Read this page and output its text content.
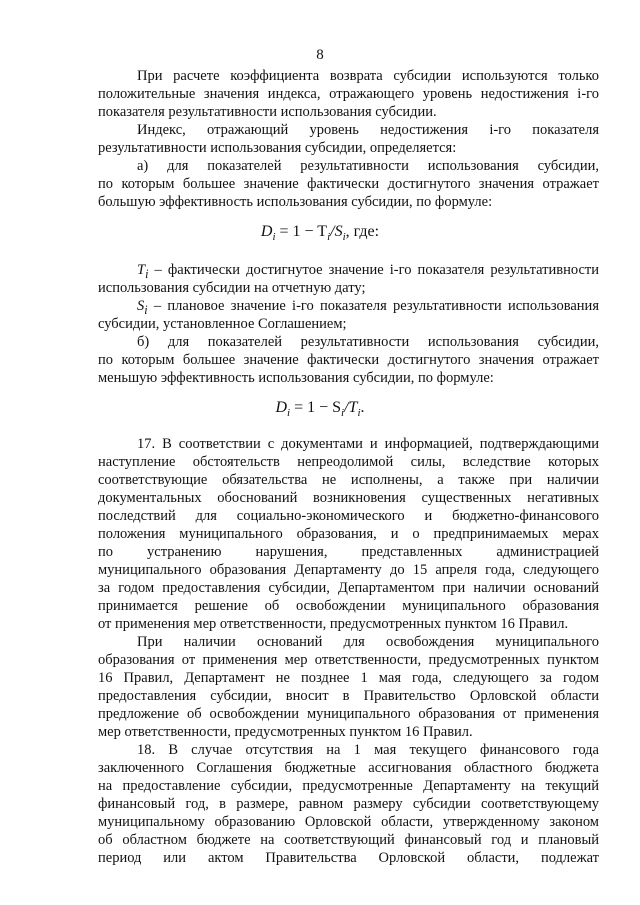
8
При расчете коэффициента возврата субсидии используются только
положительные значения индекса, отражающего уровень недостижения i-го
показателя результативности использования субсидии.
Индекс, отражающий уровень недостижения i-го показателя
результативности использования субсидии, определяется:
а) для показателей результативности использования субсидии,
по которым большее значение фактически достигнутого значения отражает
большую эффективность использования субсидии, по формуле:
$D_i = 1 - T_i/S_i$, где:
$T_i$ – фактически достигнутое значение i-го показателя результативности
использования субсидии на отчетную дату;
$S_i$ – плановое значение i-го показателя результативности использования
субсидии, установленное Соглашением;
б) для показателей результативности использования субсидии,
по которым большее значение фактически достигнутого значения отражает
меньшую эффективность использования субсидии, по формуле:
$D_i = 1 - S_i/T_i$.
17. В соответствии с документами и информацией, подтверждающими
наступление обстоятельств непреодолимой силы, вследствие которых
соответствующие обязательства не исполнены, а также при наличии
документальных обоснований возникновения существенных негативных
последствий для социально-экономического и бюджетно-финансового
положения муниципального образования, и о предпринимаемых мерах
по устранению нарушения, представленных администрацией
муниципального образования Департаменту до 15 апреля года, следующего
за годом предоставления субсидии, Департаментом при наличии оснований
принимается решение об освобождении муниципального образования
от применения мер ответственности, предусмотренных пунктом 16 Правил.
При наличии оснований для освобождения муниципального
образования от применения мер ответственности, предусмотренных пунктом
16 Правил, Департамент не позднее 1 мая года, следующего за годом
предоставления субсидии, вносит в Правительство Орловской области
предложение об освобождении муниципального образования от применения
мер ответственности, предусмотренных пунктом 16 Правил.
18. В случае отсутствия на 1 мая текущего финансового года
заключенного Соглашения бюджетные ассигнования областного бюджета
на предоставление субсидии, предусмотренные Департаменту на текущий
финансовый год, в размере, равном размеру субсидии соответствующему
муниципальному образованию Орловской области, утвержденному законом
об областном бюджете на соответствующий финансовый год и плановый
период или актом Правительства Орловской области, подлежат
